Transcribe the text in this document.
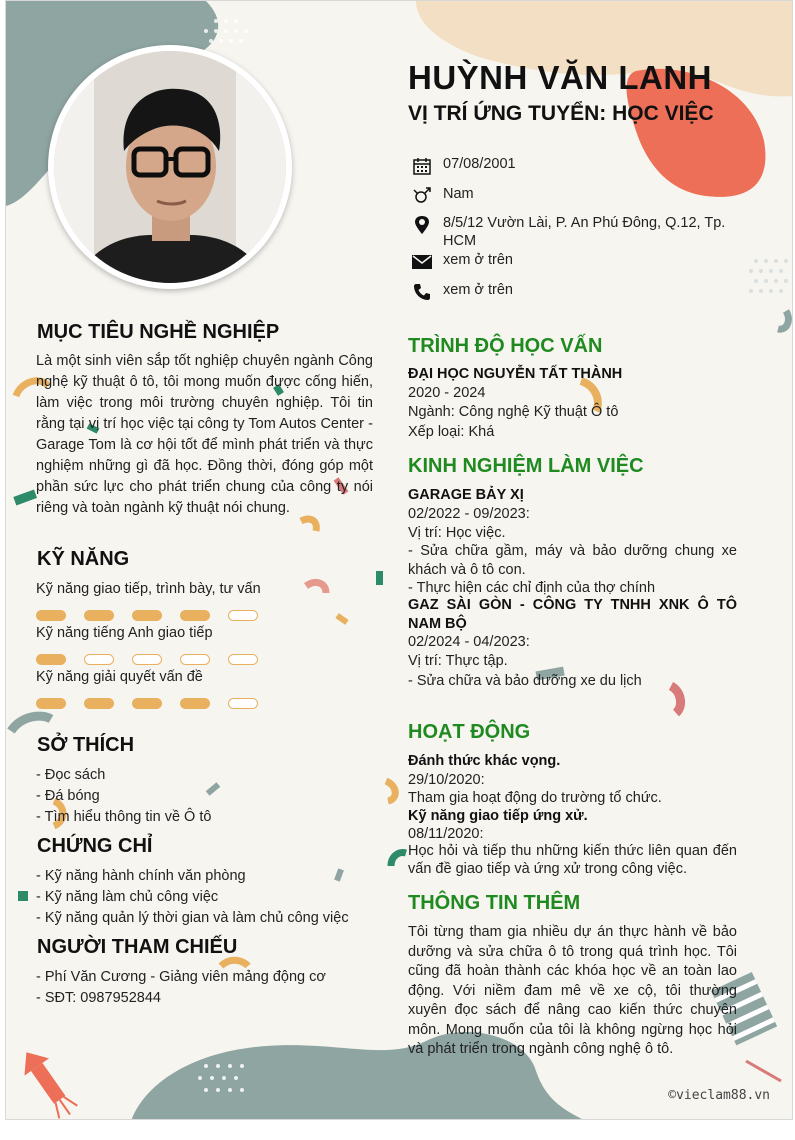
HUỲNH VĂN LANH
VỊ TRÍ ỨNG TUYỂN: HỌC VIỆC
07/08/2001
Nam
8/5/12 Vườn Lài, P. An Phú Đông, Q.12, Tp. HCM
xem ở trên
xem ở trên
MỤC TIÊU NGHỀ NGHIỆP
Là một sinh viên sắp tốt nghiệp chuyên ngành Công nghệ kỹ thuật ô tô, tôi mong muốn được cống hiến, làm việc trong môi trường chuyên nghiệp. Tôi tin rằng tại vị trí học việc tại công ty Tom Autos Center - Garage Tom là cơ hội tốt để mình phát triển và thực nghiệm những gì đã học. Đồng thời, đóng góp một phần sức lực cho phát triển chung của công ty nói riêng và toàn ngành kỹ thuật nói chung.
KỸ NĂNG
Kỹ năng giao tiếp, trình bày, tư vấn
Kỹ năng tiếng Anh giao tiếp
Kỹ năng giải quyết vấn đề
SỞ THÍCH
- Đọc sách
- Đá bóng
- Tìm hiểu thông tin về Ô tô
CHỨNG CHỈ
- Kỹ năng hành chính văn phòng
- Kỹ năng làm chủ công việc
- Kỹ năng quản lý thời gian và làm chủ công việc
NGƯỜI THAM CHIẾU
- Phí Văn Cương - Giảng viên mảng động cơ
- SĐT: 0987952844
TRÌNH ĐỘ HỌC VẤN
ĐẠI HỌC NGUYỄN TẤT THÀNH
2020 - 2024
Ngành: Công nghệ Kỹ thuật Ô tô
Xếp loại: Khá
KINH NGHIỆM LÀM VIỆC
GARAGE BẢY XỊ
02/2022 - 09/2023:
Vị trí: Học việc.
- Sửa chữa gầm, máy và bảo dưỡng chung xe khách và ô tô con.
- Thực hiện các chỉ định của thợ chính
GAZ SÀI GÒN - CÔNG TY TNHH XNK Ô TÔ NAM BỘ
02/2024 - 04/2023:
Vị trí: Thực tập.
- Sửa chữa và bảo dưỡng xe du lịch
HOẠT ĐỘNG
Đánh thức khác vọng.
29/10/2020:
Tham gia hoạt động do trường tổ chức.
Kỹ năng giao tiếp ứng xử.
08/11/2020:
Học hỏi và tiếp thu những kiến thức liên quan đến vấn đề giao tiếp và ứng xử trong công việc.
THÔNG TIN THÊM
Tôi từng tham gia nhiều dự án thực hành về bảo dưỡng và sửa chữa ô tô trong quá trình học. Tôi cũng đã hoàn thành các khóa học về an toàn lao động. Với niềm đam mê về xe cộ, tôi thường xuyên đọc sách để nâng cao kiến thức chuyên môn. Mong muốn của tôi là không ngừng học hỏi và phát triển trong ngành công nghệ ô tô.
©vieclam88.vn
